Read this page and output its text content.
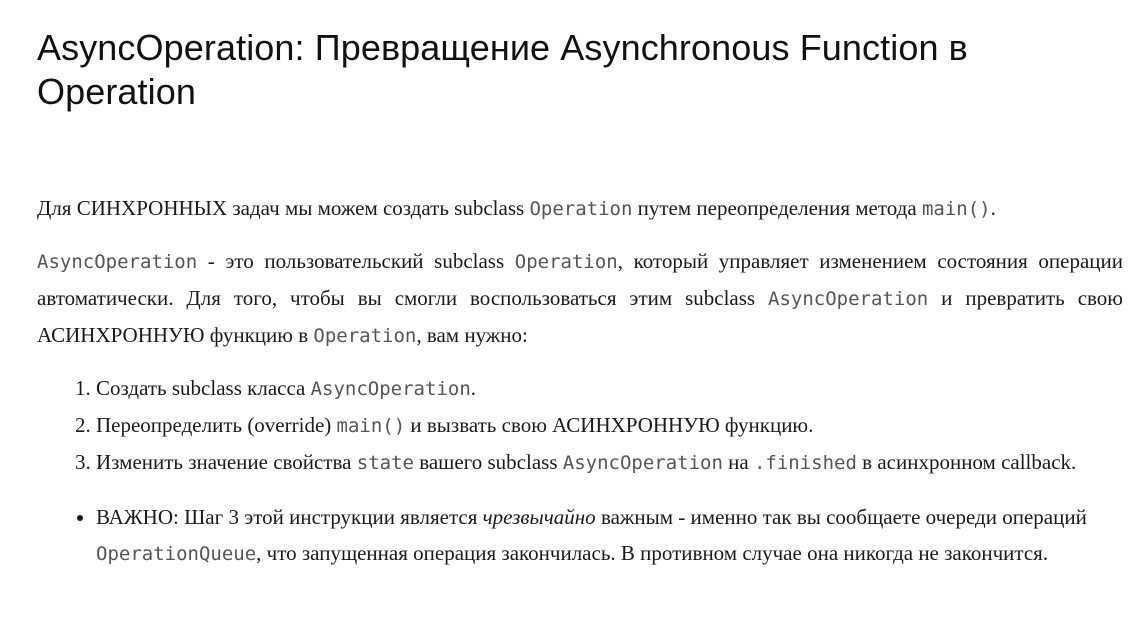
AsyncOperation: Превращение Asynchronous Function в Operation

Для СИНХРОННЫХ задач мы можем создать subclass Operation путем переопределения метода main().

AsyncOperation - это пользовательский subclass Operation, который управляет изменением состояния операции автоматически. Для того, чтобы вы смогли воспользоваться этим subclass AsyncOperation и превратить свою АСИНХРОННУЮ функцию в Operation, вам нужно:

1. Создать subclass класса AsyncOperation.
2. Переопределить (override) main() и вызвать свою АСИНХРОННУЮ функцию.
3. Изменить значение свойства state вашего subclass AsyncOperation на .finished в асинхронном callback.
• ВАЖНО: Шаг 3 этой инструкции является чрезвычайно важным - именно так вы сообщаете очереди операций OperationQueue, что запущенная операция закончилась. В противном случае она никогда не закончится.
